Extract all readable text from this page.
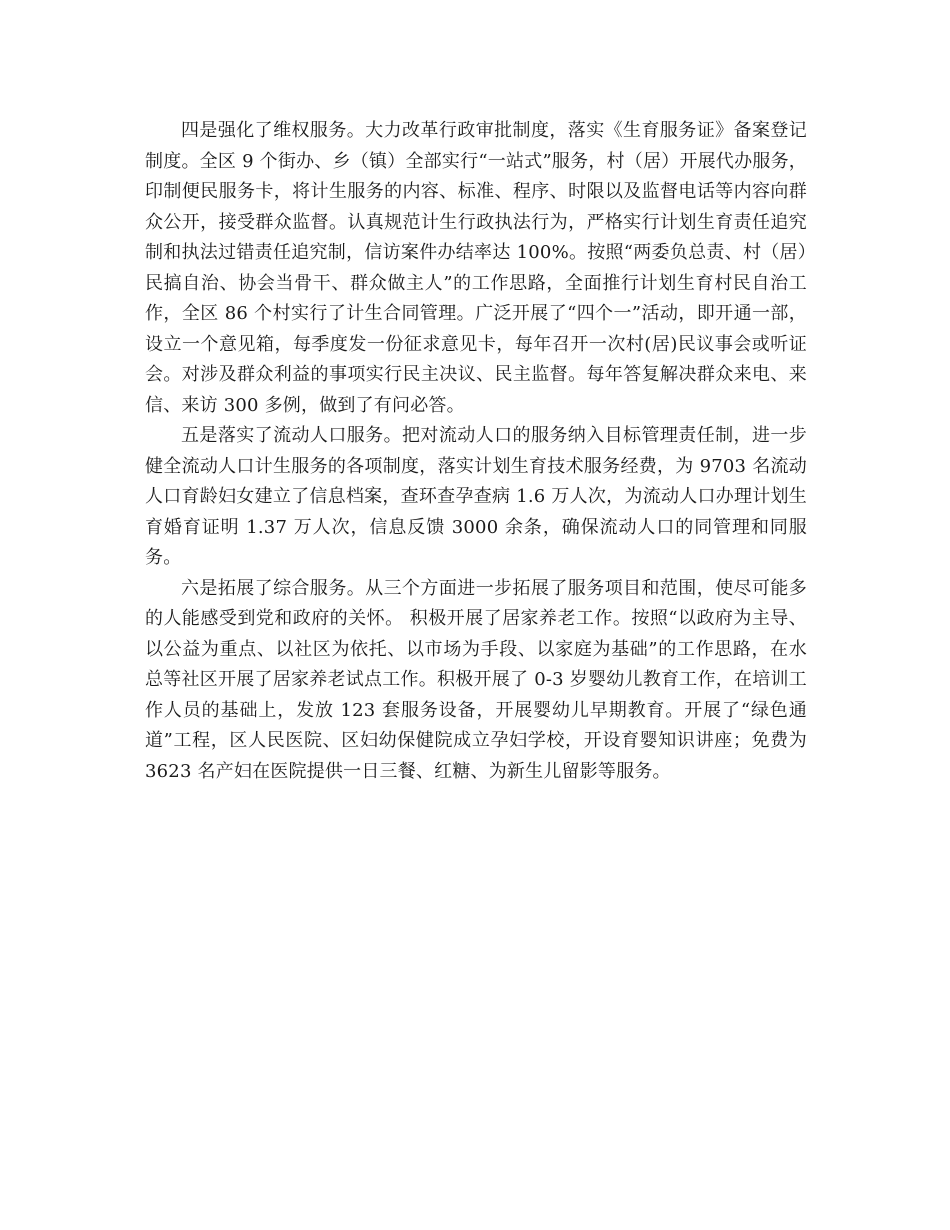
四是强化了维权服务。大力改革行政审批制度，落实《生育服务证》备案登记制度。全区 9 个街办、乡（镇）全部实行“一站式”服务，村（居）开展代办服务，印制便民服务卡，将计生服务的内容、标准、程序、时限以及监督电话等内容向群众公开，接受群众监督。认真规范计生行政执法行为，严格实行计划生育责任追究制和执法过错责任追究制，信访案件办结率达 100%。按照“两委负总责、村（居）民搞自治、协会当骨干、群众做主人”的工作思路，全面推行计划生育村民自治工作，全区 86 个村实行了计生合同管理。广泛开展了“四个一”活动，即开通一部，设立一个意见箱，每季度发一份征求意见卡，每年召开一次村(居)民议事会或听证会。对涉及群众利益的事项实行民主决议、民主监督。每年答复解决群众来电、来信、来访 300 多例，做到了有问必答。

五是落实了流动人口服务。把对流动人口的服务纳入目标管理责任制，进一步健全流动人口计生服务的各项制度，落实计划生育技术服务经费，为 9703 名流动人口育龄妇女建立了信息档案，查环查孕查病 1.6 万人次，为流动人口办理计划生育婚育证明 1.37 万人次，信息反馈 3000 余条，确保流动人口的同管理和同服务。

六是拓展了综合服务。从三个方面进一步拓展了服务项目和范围，使尽可能多的人能感受到党和政府的关怀。 积极开展了居家养老工作。按照“以政府为主导、以公益为重点、以社区为依托、以市场为手段、以家庭为基础”的工作思路，在水总等社区开展了居家养老试点工作。积极开展了 0-3 岁婴幼儿教育工作，在培训工作人员的基础上，发放 123 套服务设备，开展婴幼儿早期教育。开展了“绿色通道”工程，区人民医院、区妇幼保健院成立孕妇学校，开设育婴知识讲座；免费为 3623 名产妇在医院提供一日三餐、红糖、为新生儿留影等服务。
